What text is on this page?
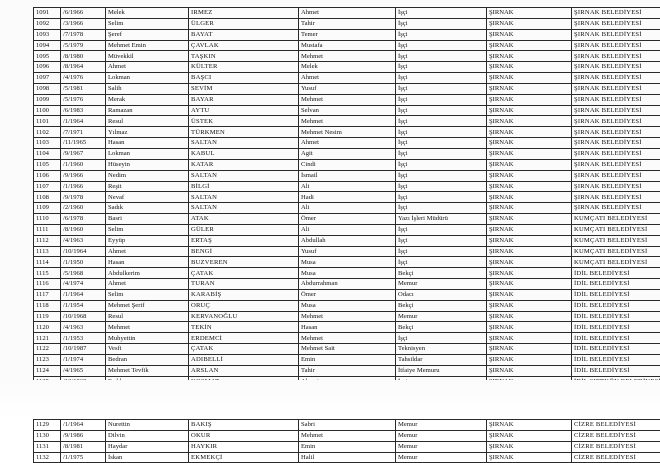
1091	/6/1966	Melek	IRMEZ	Ahmet	İşçi	ŞIRNAK	ŞIRNAK BELEDİYESİ
1092	/3/1966	Selim	ÜLGER	Tahir	İşçi	ŞIRNAK	ŞIRNAK BELEDİYESİ
1093	/7/1978	Şeref	BAYAT	Temer	İşçi	ŞIRNAK	ŞIRNAK BELEDİYESİ
1094	/5/1979	Mehmet Emin	ÇAVLAK	Mustafa	İşçi	ŞIRNAK	ŞIRNAK BELEDİYESİ
1095	/8/1980	Müvekkil	TAŞKIN	Mehmet	İşçi	ŞIRNAK	ŞIRNAK BELEDİYESİ
1096	/8/1964	Ahmet	KÜLTER	Melek	İşçi	ŞIRNAK	ŞIRNAK BELEDİYESİ
1097	/4/1976	Lokman	BAŞCI	Ahmet	İşçi	ŞIRNAK	ŞIRNAK BELEDİYESİ
1098	/5/1981	Salih	SEVİM	Yusuf	İşçi	ŞIRNAK	ŞIRNAK BELEDİYESİ
1099	/5/1976	Merak	BAYAR	Mehmet	İşçi	ŞIRNAK	ŞIRNAK BELEDİYESİ
1100	/6/1983	Ramazan	AYTU	Selvan	İşçi	ŞIRNAK	ŞIRNAK BELEDİYESİ
1101	/1/1964	Resul	ÜSTEK	Mehmet	İşçi	ŞIRNAK	ŞIRNAK BELEDİYESİ
1102	/7/1971	Yılmaz	TÜRKMEN	Mehmet Nesim	İşçi	ŞIRNAK	ŞIRNAK BELEDİYESİ
1103	/11/1965	Hasan	SALTAN	Ahmet	İşçi	ŞIRNAK	ŞIRNAK BELEDİYESİ
1104	/9/1967	Lokman	KABUL	Agit	İşçi	ŞIRNAK	ŞIRNAK BELEDİYESİ
1105	/1/1960	Hüseyin	KATAR	Cindi	İşçi	ŞIRNAK	ŞIRNAK BELEDİYESİ
1106	/9/1966	Nedim	SALTAN	İsmail	İşçi	ŞIRNAK	ŞIRNAK BELEDİYESİ
1107	/1/1966	Reşit	BİLGİ	Ali	İşçi	ŞIRNAK	ŞIRNAK BELEDİYESİ
1108	/9/1978	Nevaf	SALTAN	Hadi	İşçi	ŞIRNAK	ŞIRNAK BELEDİYESİ
1109	/2/1960	Sadık	SALTAN	Ali	İşçi	ŞIRNAK	ŞIRNAK BELEDİYESİ
1110	/6/1978	Basri	ATAK	Ömer	Yazı İşleri Müdürü	ŞIRNAK	KUMÇATI BELEDİYESİ
1111	/8/1960	Selim	GÜLER	Ali	İşçi	ŞIRNAK	KUMÇATI BELEDİYESİ
1112	/4/1963	Eyyüp	ERTAŞ	Abdullah	İşçi	ŞIRNAK	KUMÇATI BELEDİYESİ
1113	/10/1964	Ahmet	BENGİ	Yusuf	İşçi	ŞIRNAK	KUMÇATI BELEDİYESİ
1114	/1/1950	Hasan	BUZVEREN	Musa	İşçi	ŞIRNAK	KUMÇATI BELEDİYESİ
1115	/5/1968	Abdulkerim	ÇATAK	Musa	Bekçi	ŞIRNAK	İDİL BELEDİYESİ
1116	/4/1974	Ahmet	TURAN	Abdurrahman	Memur	ŞIRNAK	İDİL BELEDİYESİ
1117	/1/1964	Selim	KARABİŞ	Ömer	Odacı	ŞIRNAK	İDİL BELEDİYESİ
1118	/1/1954	Mehmet Şerif	ORUÇ	Musa	Bekçi	ŞIRNAK	İDİL BELEDİYESİ
1119	/10/1968	Resul	KERVANOĞLU	Mehmet	Memur	ŞIRNAK	İDİL BELEDİYESİ
1120	/4/1963	Mehmet	TEKİN	Hasan	Bekçi	ŞIRNAK	İDİL BELEDİYESİ
1121	/1/1953	Muhyettin	ERDEMCİ	Mehmet	İşçi	ŞIRNAK	İDİL BELEDİYESİ
1122	/10/1987	Vesfi	ÇATAK	Mehmet Sait	Teknisyen	ŞIRNAK	İDİL BELEDİYESİ
1123	/1/1974	Bedran	ADIBELLİ	Emin	Tahsildar	ŞIRNAK	İDİL BELEDİYESİ
1124	/4/1965	Mehmet Tevfik	ARSLAN	Tahir	İtfaiye Memuru	ŞIRNAK	İDİL BELEDİYESİ

1129	/1/1964	Nurettin	BAKIŞ	Sabri	Memur	ŞIRNAK	CİZRE BELEDİYESİ
1130	/9/1986	Dilvin	OKUR	Mehmet	Memur	ŞIRNAK	CİZRE BELEDİYESİ
1131	/8/1981	Haydar	HAYKIR	Emin	Memur	ŞIRNAK	CİZRE BELEDİYESİ
1132	/1/1975	İskan	EKMEKÇİ	Halil	Memur	ŞIRNAK	CİZRE BELEDİYESİ
